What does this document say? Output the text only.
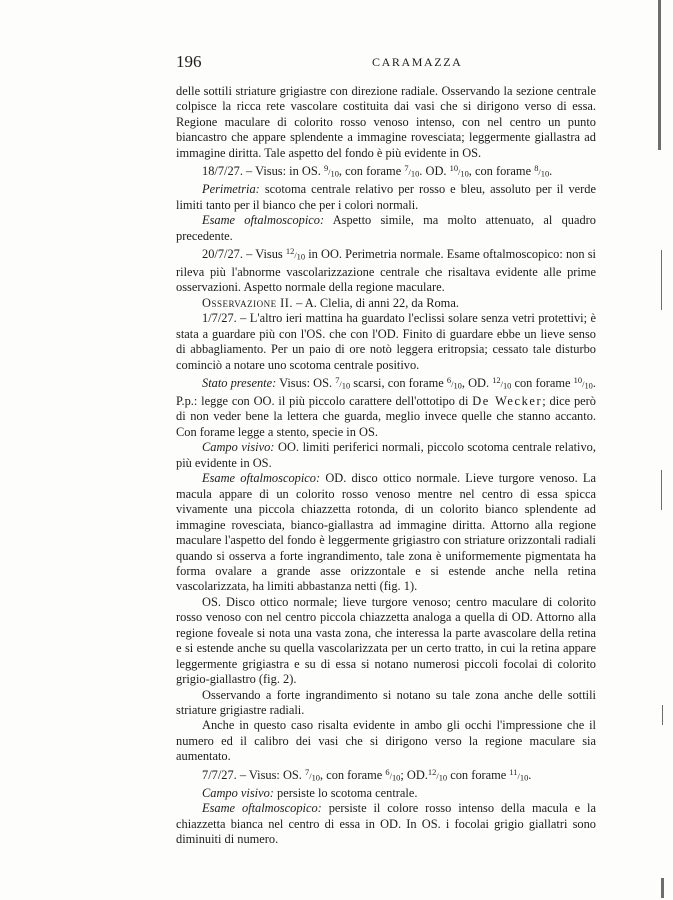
196	CARAMAZZA

delle sottili striature grigiastre con direzione radiale. Osservando la sezione centrale colpisce la ricca rete vascolare costituita dai vasi che si dirigono verso di essa. Regione maculare di colorito rosso venoso intenso, con nel centro un punto biancastro che appare splendente a immagine rovesciata; leggermente giallastra ad immagine diritta. Tale aspetto del fondo è più evidente in OS.

18/7/27. – Visus: in OS. $^9/_{10}$, con forame $^7/_{10}$. OD. $^{10}/_{10}$, con forame $^8/_{10}$.

Perimetria: scotoma centrale relativo per rosso e bleu, assoluto per il verde limiti tanto per il bianco che per i colori normali.

Esame oftalmoscopico: Aspetto simile, ma molto attenuato, al quadro precedente.

20/7/27. – Visus $^{12}/_{10}$ in OO. Perimetria normale. Esame oftalmoscopico: non si rileva più l'abnorme vascolarizzazione centrale che risaltava evidente alle prime osservazioni. Aspetto normale della regione maculare.

Osservazione II. – A. Clelia, di anni 22, da Roma.

1/7/27. – L'altro ieri mattina ha guardato l'eclissi solare senza vetri protettivi; è stata a guardare più con l'OS. che con l'OD. Finito di guardare ebbe un lieve senso di abbagliamento. Per un paio di ore notò leggera eritropsia; cessato tale disturbo cominciò a notare uno scotoma centrale positivo.

Stato presente: Visus: OS. $^7/_{10}$ scarsi, con forame $^6/_{10}$, OD. $^{12}/_{10}$ con forame $^{10}/_{10}$. P.p.: legge con OO. il più piccolo carattere dell'ottotipo di De Wecker; dice però di non veder bene la lettera che guarda, meglio invece quelle che stanno accanto. Con forame legge a stento, specie in OS.

Campo visivo: OO. limiti periferici normali, piccolo scotoma centrale relativo, più evidente in OS.

Esame oftalmoscopico: OD. disco ottico normale. Lieve turgore venoso. La macula appare di un colorito rosso venoso mentre nel centro di essa spicca vivamente una piccola chiazzetta rotonda, di un colorito bianco splendente ad immagine rovesciata, bianco-giallastra ad immagine diritta. Attorno alla regione maculare l'aspetto del fondo è leggermente grigiastro con striature orizzontali radiali quando si osserva a forte ingrandimento, tale zona è uniformemente pigmentata ha forma ovalare a grande asse orizzontale e si estende anche nella retina vascolarizzata, ha limiti abbastanza netti (fig. 1).

OS. Disco ottico normale; lieve turgore venoso; centro maculare di colorito rosso venoso con nel centro piccola chiazzetta analoga a quella di OD. Attorno alla regione foveale si nota una vasta zona, che interessa la parte avascolare della retina e si estende anche su quella vascolarizzata per un certo tratto, in cui la retina appare leggermente grigiastra e su di essa si notano numerosi piccoli focolai di colorito grigio-giallastro (fig. 2).

Osservando a forte ingrandimento si notano su tale zona anche delle sottili striature grigiastre radiali.

Anche in questo caso risalta evidente in ambo gli occhi l'impressione che il numero ed il calibro dei vasi che si dirigono verso la regione maculare sia aumentato.

7/7/27. – Visus: OS. $^7/_{10}$, con forame $^6/_{10}$; $OD.^{12}/_{10}$ con forame $^{11}/_{10}$.

Campo visivo: persiste lo scotoma centrale.

Esame oftalmoscopico: persiste il colore rosso intenso della macula e la chiazzetta bianca nel centro di essa in OD. In OS. i focolai grigio giallatri sono diminuiti di numero.
